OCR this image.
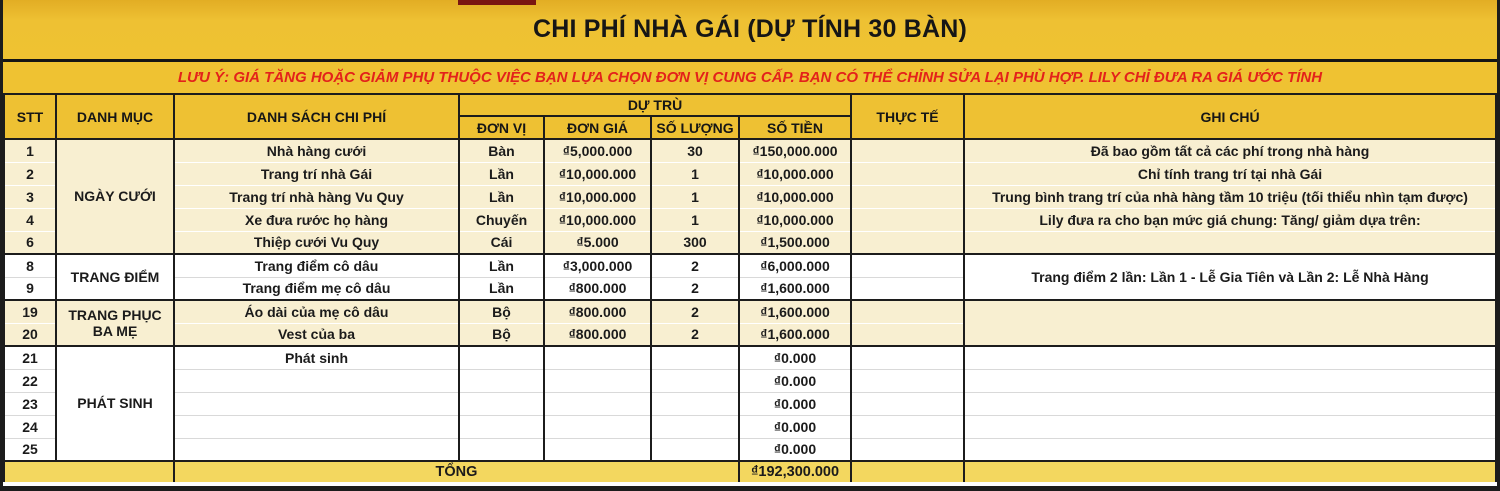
CHI PHÍ NHÀ GÁI (DỰ TÍNH 30 BÀN)
LƯU Ý: GIÁ TĂNG HOẶC GIẢM PHỤ THUỘC VIỆC BẠN LỰA CHỌN ĐƠN VỊ CUNG CẤP. BẠN CÓ THỂ CHỈNH SỬA LẠI PHÙ HỢP. LILY CHỈ ĐƯA RA GIÁ ƯỚC TÍNH
STT	DANH MỤC	DANH SÁCH CHI PHÍ	DỰ TRÙ				THỰC TẾ	GHI CHÚ
			ĐƠN VỊ	ĐƠN GIÁ	SỐ LƯỢNG	SỐ TIỀN		
1	NGÀY CƯỚI	Nhà hàng cưới	Bàn	₫5,000.000	30	₫150,000.000		Đã bao gồm tất cả các phí trong nhà hàng
2		Trang trí nhà Gái	Lần	₫10,000.000	1	₫10,000.000		Chỉ tính trang trí tại nhà Gái
3		Trang trí nhà hàng Vu Quy	Lần	₫10,000.000	1	₫10,000.000		Trung bình trang trí của nhà hàng tầm 10 triệu (tối thiểu nhìn tạm được)
4		Xe đưa rước họ hàng	Chuyến	₫10,000.000	1	₫10,000.000		Lily đưa ra cho bạn mức giá chung: Tăng/ giảm dựa trên:
6		Thiệp cưới Vu Quy	Cái	₫5.000	300	₫1,500.000		
8	TRANG ĐIỂM	Trang điểm cô dâu	Lần	₫3,000.000	2	₫6,000.000		Trang điểm 2 lần: Lần 1 - Lễ Gia Tiên và Lần 2: Lễ Nhà Hàng
9		Trang điểm mẹ cô dâu	Lần	₫800.000	2	₫1,600.000		
19	TRANG PHỤC BA MẸ	Áo dài của mẹ cô dâu	Bộ	₫800.000	2	₫1,600.000		
20		Vest của ba	Bộ	₫800.000	2	₫1,600.000		
21	PHÁT SINH	Phát sinh				₫0.000		
22						₫0.000		
23						₫0.000		
24						₫0.000		
25						₫0.000		
		TỔNG				₫192,300.000		
